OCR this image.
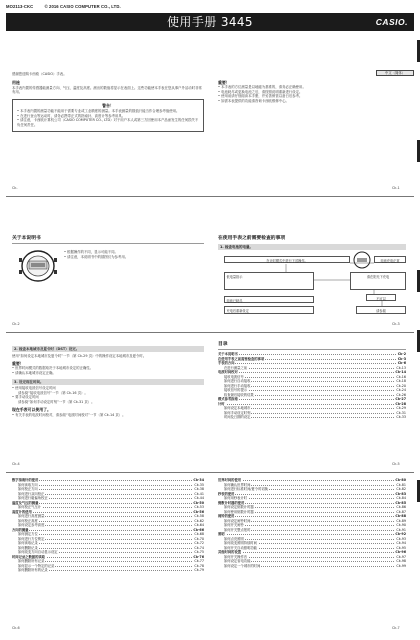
MO2113-CKC	© 2016 CASIO COMPUTER CO., LTD.
使用手册 3445	CASIO.
中文（简体）
感谢您选购卡西欧（CASIO）手表。
用途
本手表内置的传感器能测量方向、气压、温度及高度。测出的数值将显示在表面上。这些功能使本手表在您从事户外活动时非常有用。
警告！
• 本手表内置的测量功能不能用于需要专业或工业精度的测量。本手表测量的数值只能当作合理参考值使用。
• 在进行登山等运动时，请务必携带正式的指南针、高度计等参考用具。
• 请注意，卡西欧计算机公司（CASIO COMPUTER CO., LTD）对于用户本人或第三方因使用本产品而发生的任何损失不负任何责任。
Ck-
重要！
• 本手表的方位测量是以地磁为基准的，请务必正确使用。
• 电池耗尽或更换电池之后，请按照说明重新进行设定。
• 使用前请仔细阅读本手册，并妥善保管以备日后参考。
• 如需本表提供的功能请咨询卡西欧维修中心。
Ck-1
关于本说明书
• 根据操作的不同，显示可能不同。
• 请注意，本说明书中的插图仅为参考用。
Ck-2
在使用手表之前需要检查的事项
1. 检查电池的电量。
在计时模式中进行下述操作。	电池充电正常
低电量指示	请在阳光下充电
电池已耗尽
充电后重新设定	请参阅
不可以
Ck-3
2. 检查本地城市及夏令时（DST）设定。
使用“如何设定本地城市及夏令时”一节（第 Ck-29 页）中的操作设定本地城市及夏令时。
重要！
• 世界时间模式的数据取决于本地城市设定的正确性。
• 请确认本地城市设定正确。
3. 设定现在时间。
• 使用接收电波信号设定时间
请参阅“接收电波信号”一节（第 Ck-16 页）。
• 要手动设定时间
请参阅“如何手动设定时刻”一节（第 Ck-31 页）。
现在手表可以使用了。
• 有关手表的电波时间校对，请参阅“电波时间校对”一节（第 Ck-14 页）。
Ck-4
目录
关于本说明书	Ck-2
在使用手表之前需要检查的事项	Ck-3
手表的方向	Ck-6
在进行测量之前	Ck-13
电波时间校对	Ck-14
接收电波信号	Ck-16
如何进行自动接收	Ck-18
如何进行手动接收	Ck-20
接收信号的提示	Ck-24
检查最后接收的结果	Ck-26
模式参考指南	Ck-27
计时	Ck-28
如何设定本地城市	Ck-29
如何手动设定时刻	Ck-31
时间及日期的设定	Ck-33
Ck-5
数字指南针的使用	Ck-34
如何读取方向	Ck-35
如何校正方向	Ck-38
如何进行双向校正	Ck-41
如何进行磁偏角校正	Ck-44
温度及气压的测量	Ck-50
如何校正气压计	Ck-53
高度计的使用	Ck-56
如何进行高度测量	Ck-58
如何校正高度	Ck-62
如何设定参考高度	Ck-64
方向的测量	Ck-66
如何测定方位	Ck-68
如何进行方位锁定	Ck-70
如何读取记录	Ck-72
如何删除记录	Ck-74
如何改变方向自动显示设定	Ck-75
时间记录之数据的读取	Ck-76
如何删除所有记录	Ck-77
如何显示一个特定的记录	Ck-78
如何删除所有的记录	Ck-79
Ck-6
世界时间的使用	Ck-80
如何确认世界时间	Ck-81
如何进行标准时间/夏令时切换	Ck-82
秒表的使用	Ck-83
如何用秒表计时	Ck-84
倒数计时器的使用	Ck-85
如何设定倒数计时器	Ck-86
如何使用倒数计时器	Ck-87
闹铃的使用	Ck-88
如何设定闹铃时间	Ck-89
如何开关闹铃	Ck-90
如何开关整点报时	Ck-91
照明	Ck-92
如何点亮照明	Ck-93
如何改变照明持续时间	Ck-94
如何开关自动照明功能	Ck-95
其他时间的设置	Ck-96
如何开关操作音	Ck-97
如何设定省电功能	Ck-98
如何设定一个城市的时间	Ck-99
Ck-7
